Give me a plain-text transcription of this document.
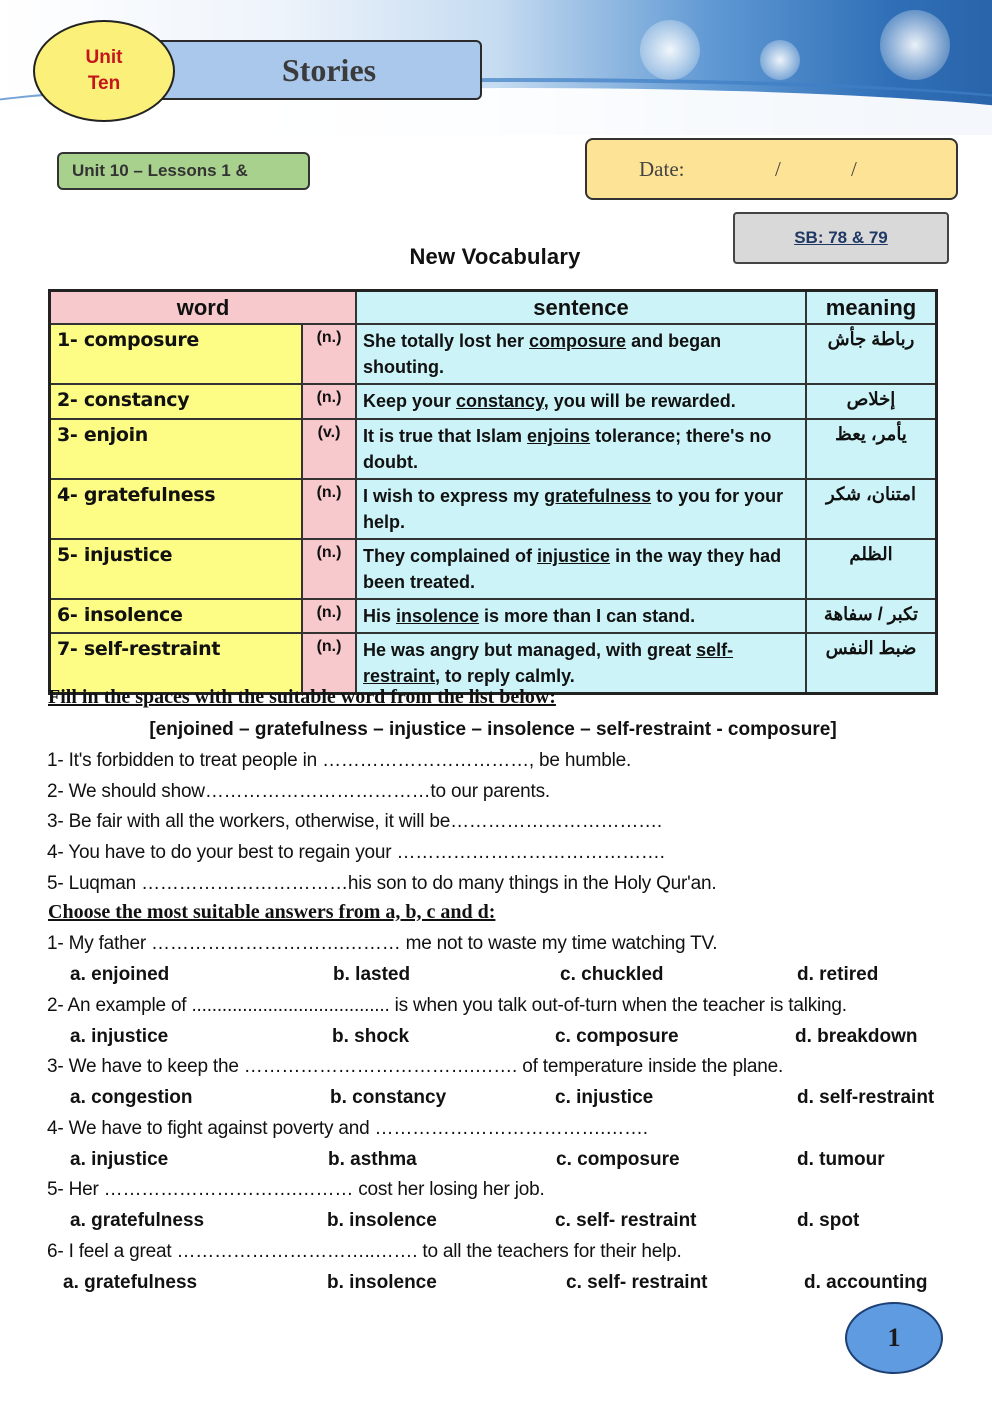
Stories
Unit
Ten
Unit 10 – Lessons 1 &	Date:	/	/
SB: 78 & 79
New Vocabulary
word		sentence	meaning
1- composure	(n.)	She totally lost her composure and began shouting.	رباطة جأش
2- constancy	(n.)	Keep your constancy, you will be rewarded.	إخلاص
3- enjoin	(v.)	It is true that Islam enjoins tolerance; there's no doubt.	يأمر، يعظ
4- gratefulness	(n.)	I wish to express my gratefulness to you for your help.	امتنان، شكر
5- injustice	(n.)	They complained of injustice in the way they had been treated.	الظلم
6- insolence	(n.)	His insolence is more than I can stand.	تكبر / سفاهة
7- self-restraint	(n.)	He was angry but managed, with great self-restraint, to reply calmly.	ضبط النفس
Fill in the spaces with the suitable word from the list below:
[enjoined – gratefulness – injustice – insolence – self-restraint - composure]
1- It's forbidden to treat people in ……………………………, be humble.
2- We should show………………………………to our parents.
3- Be fair with all the workers, otherwise, it will be…………………………….
4- You have to do your best to regain your …………………………………….
5- Luqman ……………………………his son to do many things in the Holy Qur'an.
Choose the most suitable answers from a, b, c and d:
1- My father ………………………….……… me not to waste my time watching TV.
a. enjoined	b. lasted	c. chuckled	d. retired
2- An example of ....................................... is when you talk out-of-turn when the teacher is talking.
a. injustice	b. shock	c. composure	d. breakdown
3- We have to keep the ……………………………….……. of temperature inside the plane.
a. congestion	b. constancy	c. injustice	d. self-restraint
4- We have to fight against poverty and ……………………………….…….
a. injustice	b. asthma	c. composure	d. tumour
5- Her ………………………….……… cost her losing her job.
a. gratefulness	b. insolence	c. self- restraint	d. spot
6- I feel a great …………………………..……. to all the teachers for their help.
a. gratefulness	b. insolence	c. self- restraint	d. accounting
1
